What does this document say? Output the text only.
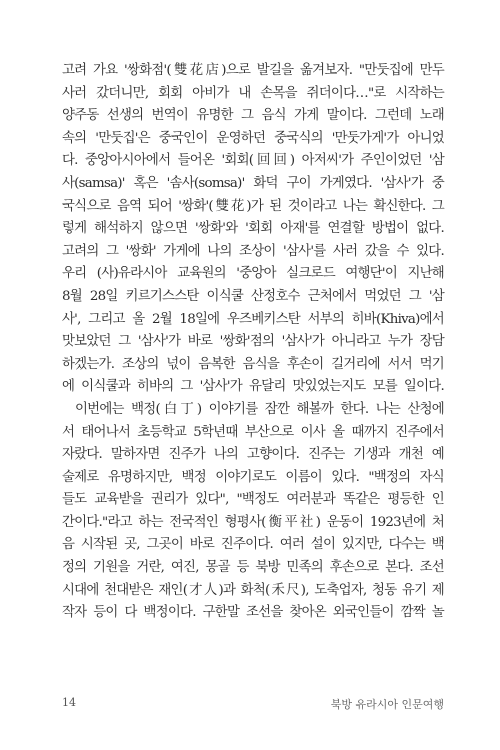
고려 가요 '쌍화점'(雙花店)으로 발길을 옮겨보자. "만둣집에 만두
사러 갔더니만, 회회 아비가 내 손목을 쥐더이다…"로 시작하는
양주동 선생의 번역이 유명한 그 음식 가게 말이다. 그런데 노래
속의 '만둣집'은 중국인이 운영하던 중국식의 '만둣가게'가 아니었
다. 중앙아시아에서 들어온 '회회(回回) 아저씨'가 주인이었던 '삼
사(samsa)' 혹은 '솜사(somsa)' 화덕 구이 가게였다. '삼사'가 중
국식으로 음역 되어 '쌍화'(雙花)가 된 것이라고 나는 확신한다. 그
렇게 해석하지 않으면 '쌍화'와 '회회 아재'를 연결할 방법이 없다.
고려의 그 '쌍화' 가게에 나의 조상이 '삼사'를 사러 갔을 수 있다.
우리 (사)유라시아 교육원의 '중앙아 실크로드 여행단'이 지난해
8월 28일 키르기스스탄 이식쿨 산정호수 근처에서 먹었던 그 '삼
사', 그리고 올 2월 18일에 우즈베키스탄 서부의 히바(Khiva)에서
맛보았던 그 '삼사'가 바로 '쌍화'점의 '삼사'가 아니라고 누가 장담
하겠는가. 조상의 넋이 음복한 음식을 후손이 길거리에 서서 먹기
에 이식쿨과 히바의 그 '삼사'가 유달리 맛있었는지도 모를 일이다.
이번에는 백정(白丁) 이야기를 잠깐 해볼까 한다. 나는 산청에
서 태어나서 초등학교 5학년때 부산으로 이사 올 때까지 진주에서
자랐다. 말하자면 진주가 나의 고향이다. 진주는 기생과 개천 예
술제로 유명하지만, 백정 이야기로도 이름이 있다. "백정의 자식
들도 교육받을 권리가 있다", "백정도 여러분과 똑같은 평등한 인
간이다."라고 하는 전국적인 형평사(衡平社) 운동이 1923년에 처
음 시작된 곳, 그곳이 바로 진주이다. 여러 설이 있지만, 다수는 백
정의 기원을 거란, 여진, 몽골 등 북방 민족의 후손으로 본다. 조선
시대에 천대받은 재인(才人)과 화척(禾尺), 도축업자, 청동 유기 제
작자 등이 다 백정이다. 구한말 조선을 찾아온 외국인들이 깜짝 놀
14	북방 유라시아 인문여행
